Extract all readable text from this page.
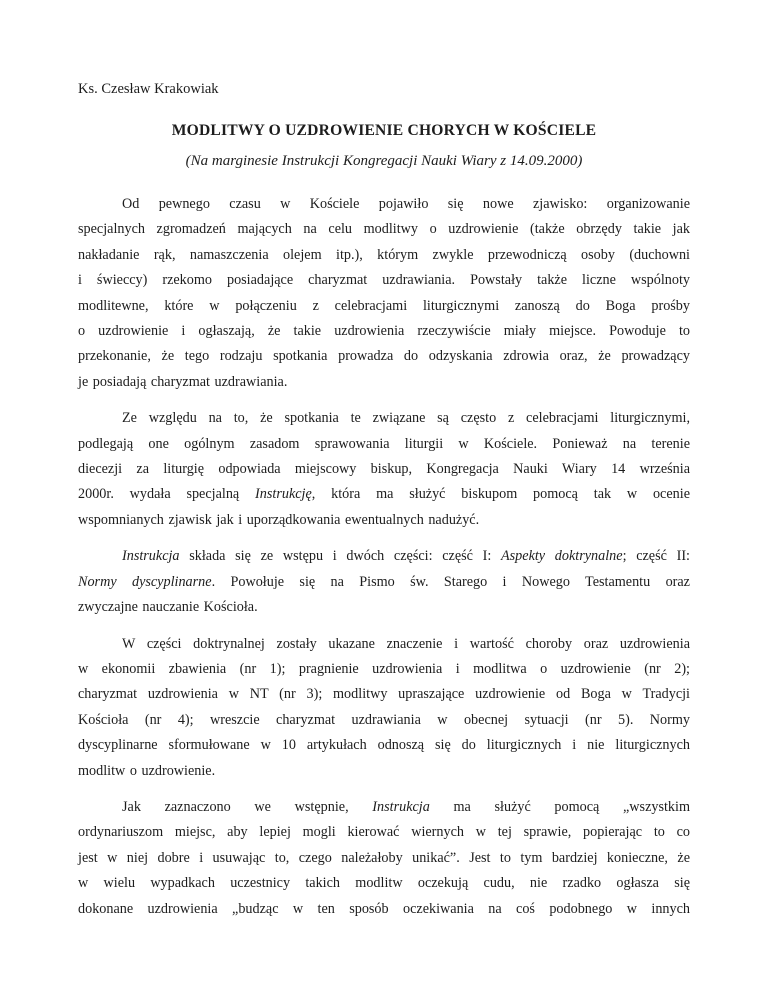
Ks. Czesław Krakowiak
MODLITWY O UZDROWIENIE CHORYCH W KOŚCIELE
(Na marginesie Instrukcji Kongregacji Nauki Wiary z 14.09.2000)
Od pewnego czasu w Kościele pojawiło się nowe zjawisko: organizowanie
specjalnych zgromadzeń mających na celu modlitwy o uzdrowienie (także obrzędy takie jak
nakładanie rąk, namaszczenia olejem itp.), którym zwykle przewodniczą osoby (duchowni
i świeccy) rzekomo posiadające charyzmat uzdrawiania. Powstały także liczne wspólnoty
modlitewne, które w połączeniu z celebracjami liturgicznymi zanoszą do Boga prośby
o uzdrowienie i ogłaszają, że takie uzdrowienia rzeczywiście miały miejsce. Powoduje to
przekonanie, że tego rodzaju spotkania prowadza do odzyskania zdrowia oraz, że prowadzący
je posiadają charyzmat uzdrawiania.
Ze względu na to, że spotkania te związane są często z celebracjami liturgicznymi,
podlegają one ogólnym zasadom sprawowania liturgii w Kościele. Ponieważ na terenie
diecezji za liturgię odpowiada miejscowy biskup, Kongregacja Nauki Wiary 14 września
2000r. wydała specjalną Instrukcję, która ma służyć biskupom pomocą tak w ocenie
wspomnianych zjawisk jak i uporządkowania ewentualnych nadużyć.
Instrukcja składa się ze wstępu i dwóch części: część I: Aspekty doktrynalne; część II:
Normy dyscyplinarne. Powołuje się na Pismo św. Starego i Nowego Testamentu oraz
zwyczajne nauczanie Kościoła.
W części doktrynalnej zostały ukazane znaczenie i wartość choroby oraz uzdrowienia
w ekonomii zbawienia (nr 1); pragnienie uzdrowienia i modlitwa o uzdrowienie (nr 2);
charyzmat uzdrowienia w NT (nr 3); modlitwy upraszające uzdrowienie od Boga w Tradycji
Kościoła (nr 4); wreszcie charyzmat uzdrawiania w obecnej sytuacji (nr 5). Normy
dyscyplinarne sformułowane w 10 artykułach odnoszą się do liturgicznych i nie liturgicznych
modlitw o uzdrowienie.
Jak zaznaczono we wstępnie, Instrukcja ma służyć pomocą „wszystkim
ordynariuszom miejsc, aby lepiej mogli kierować wiernych w tej sprawie, popierając to co
jest w niej dobre i usuwając to, czego należałoby unikać”. Jest to tym bardziej konieczne, że
w wielu wypadkach uczestnicy takich modlitw oczekują cudu, nie rzadko ogłasza się
dokonane uzdrowienia „budząc w ten sposób oczekiwania na coś podobnego w innych
